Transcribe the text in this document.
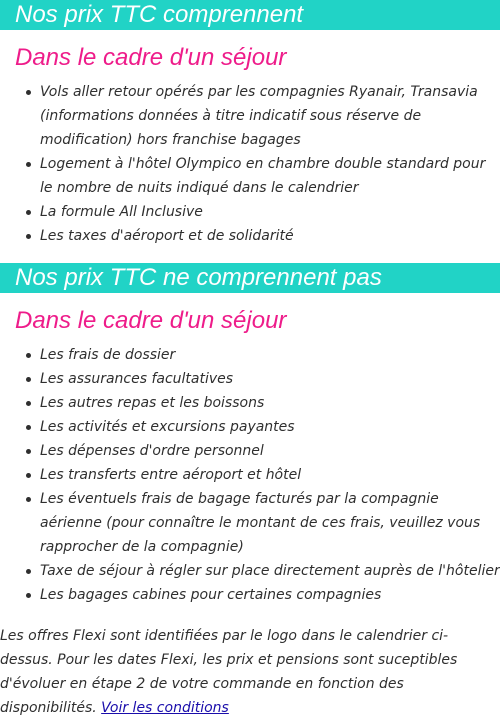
Nos prix TTC comprennent
Dans le cadre d'un séjour
Vols aller retour opérés par les compagnies Ryanair, Transavia (informations données à titre indicatif sous réserve de modification) hors franchise bagages
Logement à l'hôtel Olympico en chambre double standard pour le nombre de nuits indiqué dans le calendrier
La formule All Inclusive
Les taxes d'aéroport et de solidarité
Nos prix TTC ne comprennent pas
Dans le cadre d'un séjour
Les frais de dossier
Les assurances facultatives
Les autres repas et les boissons
Les activités et excursions payantes
Les dépenses d'ordre personnel
Les transferts entre aéroport et hôtel
Les éventuels frais de bagage facturés par la compagnie aérienne (pour connaître le montant de ces frais, veuillez vous rapprocher de la compagnie)
Taxe de séjour à régler sur place directement auprès de l'hôtelier
Les bagages cabines pour certaines compagnies

Les offres Flexi sont identifiées par le logo dans le calendrier ci-dessus. Pour les dates Flexi, les prix et pensions sont suceptibles d'évoluer en étape 2 de votre commande en fonction des disponibilités. Voir les conditions
